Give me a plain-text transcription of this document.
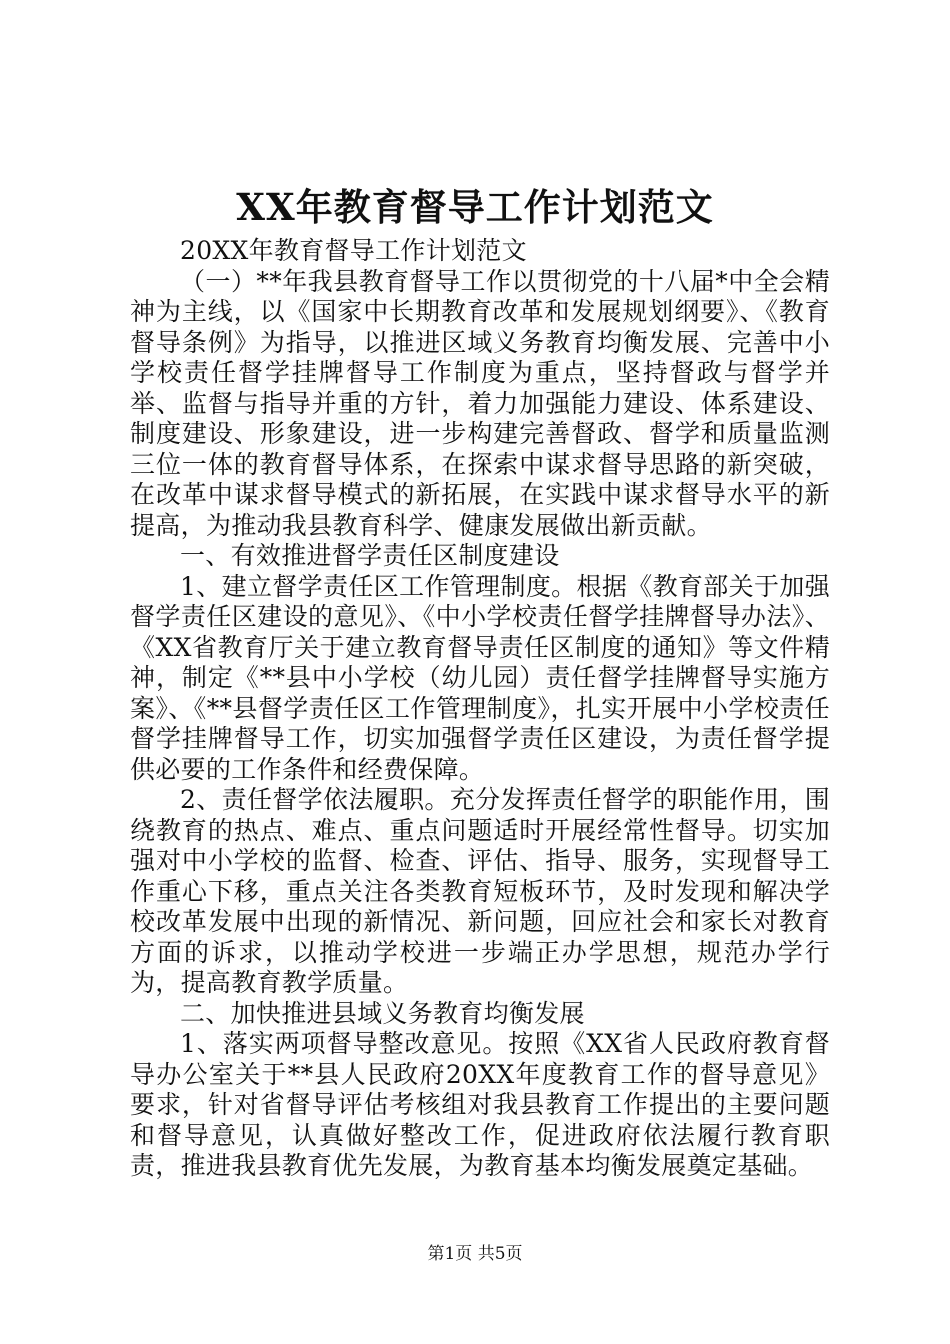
XX年教育督导工作计划范文

20XX年教育督导工作计划范文

（一）**年我县教育督导工作以贯彻党的十八届*中全会精神为主线，以《国家中长期教育改革和发展规划纲要》、《教育督导条例》为指导，以推进区域义务教育均衡发展、完善中小学校责任督学挂牌督导工作制度为重点，坚持督政与督学并举、监督与指导并重的方针，着力加强能力建设、体系建设、制度建设、形象建设，进一步构建完善督政、督学和质量监测三位一体的教育督导体系，在探索中谋求督导思路的新突破，在改革中谋求督导模式的新拓展，在实践中谋求督导水平的新提高，为推动我县教育科学、健康发展做出新贡献。

一、有效推进督学责任区制度建设

1、建立督学责任区工作管理制度。根据《教育部关于加强督学责任区建设的意见》、《中小学校责任督学挂牌督导办法》、《XX省教育厅关于建立教育督导责任区制度的通知》等文件精神，制定《**县中小学校（幼儿园）责任督学挂牌督导实施方案》、《**县督学责任区工作管理制度》，扎实开展中小学校责任督学挂牌督导工作，切实加强督学责任区建设，为责任督学提供必要的工作条件和经费保障。

2、责任督学依法履职。充分发挥责任督学的职能作用，围绕教育的热点、难点、重点问题适时开展经常性督导。切实加强对中小学校的监督、检查、评估、指导、服务，实现督导工作重心下移，重点关注各类教育短板环节，及时发现和解决学校改革发展中出现的新情况、新问题，回应社会和家长对教育方面的诉求，以推动学校进一步端正办学思想，规范办学行为，提高教育教学质量。

二、加快推进县域义务教育均衡发展

1、落实两项督导整改意见。按照《XX省人民政府教育督导办公室关于**县人民政府20XX年度教育工作的督导意见》要求，针对省督导评估考核组对我县教育工作提出的主要问题和督导意见，认真做好整改工作，促进政府依法履行教育职责，推进我县教育优先发展，为教育基本均衡发展奠定基础。

第1页 共5页
